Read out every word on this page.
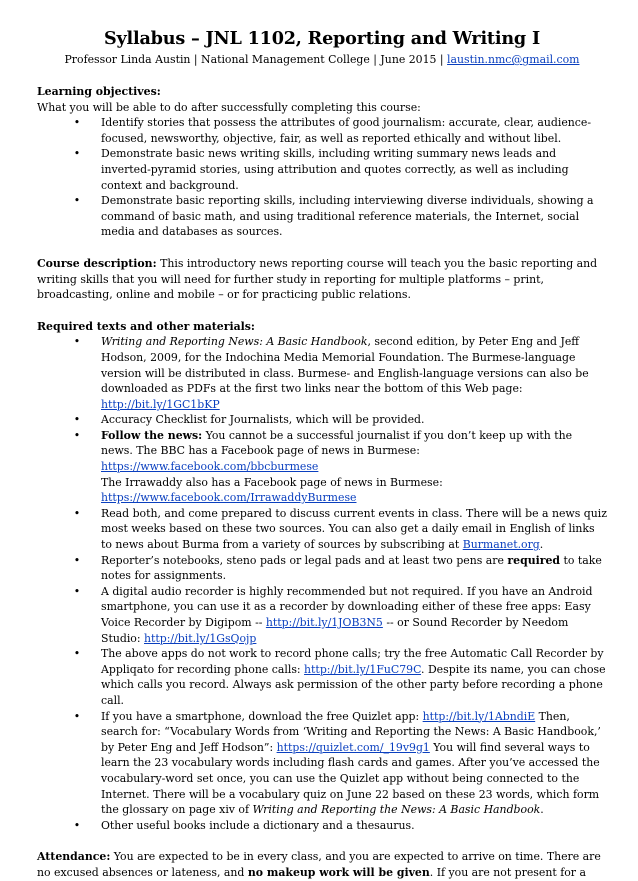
Syllabus – JNL 1102, Reporting and Writing I
Professor Linda Austin | National Management College | June 2015 | laustin.nmc@gmail.com

Learning objectives:

What you will be able to do after successfully completing this course:

• Identify stories that possess the attributes of good journalism: accurate, clear, audience-focused, newsworthy, objective, fair, as well as reported ethically and without libel.
• Demonstrate basic news writing skills, including writing summary news leads and inverted-pyramid stories, using attribution and quotes correctly, as well as including context and background.
• Demonstrate basic reporting skills, including interviewing diverse individuals, showing a command of basic math, and using traditional reference materials, the Internet, social media and databases as sources.

Course description: This introductory news reporting course will teach you the basic reporting and writing skills that you will need for further study in reporting for multiple platforms – print, broadcasting, online and mobile – or for practicing public relations.

Required texts and other materials:

• Writing and Reporting News: A Basic Handbook, second edition, by Peter Eng and Jeff Hodson, 2009, for the Indochina Media Memorial Foundation. The Burmese-language version will be distributed in class. Burmese- and English-language versions can also be downloaded as PDFs at the first two links near the bottom of this Web page: http://bit.ly/1GC1bKP
• Accuracy Checklist for Journalists, which will be provided.
• Follow the news: You cannot be a successful journalist if you don’t keep up with the news. The BBC has a Facebook page of news in Burmese: https://www.facebook.com/bbcburmese
The Irrawaddy also has a Facebook page of news in Burmese:
https://www.facebook.com/IrrawaddyBurmese
• Read both, and come prepared to discuss current events in class. There will be a news quiz most weeks based on these two sources. You can also get a daily email in English of links to news about Burma from a variety of sources by subscribing at Burmanet.org.
• Reporter’s notebooks, steno pads or legal pads and at least two pens are required to take notes for assignments.
• A digital audio recorder is highly recommended but not required. If you have an Android smartphone, you can use it as a recorder by downloading either of these free apps: Easy Voice Recorder by Digipom -- http://bit.ly/1JOB3N5 -- or Sound Recorder by Needom Studio: http://bit.ly/1GsQojp
• The above apps do not work to record phone calls; try the free Automatic Call Recorder by Appliqato for recording phone calls: http://bit.ly/1FuC79C. Despite its name, you can chose which calls you record. Always ask permission of the other party before recording a phone call.
• If you have a smartphone, download the free Quizlet app: http://bit.ly/1AbndiE Then, search for: “Vocabulary Words from ‘Writing and Reporting the News: A Basic Handbook,’ by Peter Eng and Jeff Hodson”: https://quizlet.com/_19v9g1 You will find several ways to learn the 23 vocabulary words including flash cards and games. After you’ve accessed the vocabulary-word set once, you can use the Quizlet app without being connected to the Internet. There will be a vocabulary quiz on June 22 based on these 23 words, which form the glossary on page xiv of Writing and Reporting the News: A Basic Handbook.
• Other useful books include a dictionary and a thesaurus.

Attendance: You are expected to be in every class, and you are expected to arrive on time. There are no excused absences or lateness, and no makeup work will be given. If you are not present for a
